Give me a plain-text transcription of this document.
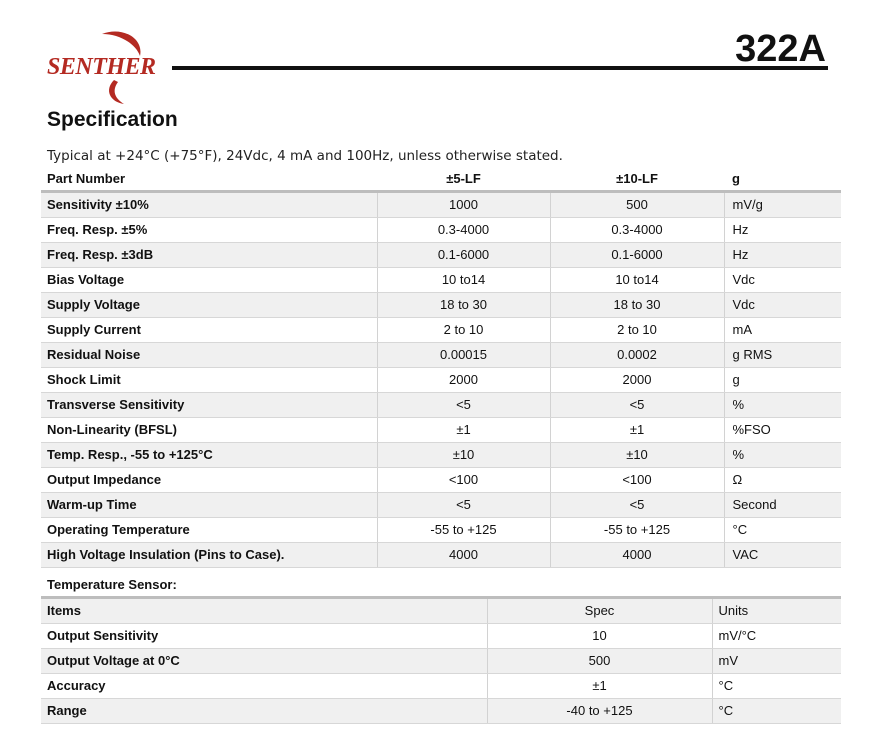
SENTHER	322A
Specification
Typical at +24°C (+75°F), 24Vdc, 4 mA and 100Hz, unless otherwise stated.
Part Number	±5-LF	±10-LF	g
Sensitivity ±10%	1000	500	mV/g
Freq. Resp. ±5%	0.3-4000	0.3-4000	Hz
Freq. Resp. ±3dB	0.1-6000	0.1-6000	Hz
Bias Voltage	10 to14	10 to14	Vdc
Supply Voltage	18 to 30	18 to 30	Vdc
Supply Current	2 to 10	2 to 10	mA
Residual Noise	0.00015	0.0002	g RMS
Shock Limit	2000	2000	g
Transverse Sensitivity	<5	<5	%
Non-Linearity (BFSL)	±1	±1	%FSO
Temp. Resp., -55 to +125°C	±10	±10	%
Output Impedance	<100	<100	Ω
Warm-up Time	<5	<5	Second
Operating Temperature	-55 to +125	-55 to +125	°C
High Voltage Insulation (Pins to Case).	4000	4000	VAC
Temperature Sensor:
Items	Spec	Units
Output Sensitivity	10	mV/°C
Output Voltage at 0°C	500	mV
Accuracy	±1	°C
Range	-40 to +125	°C
